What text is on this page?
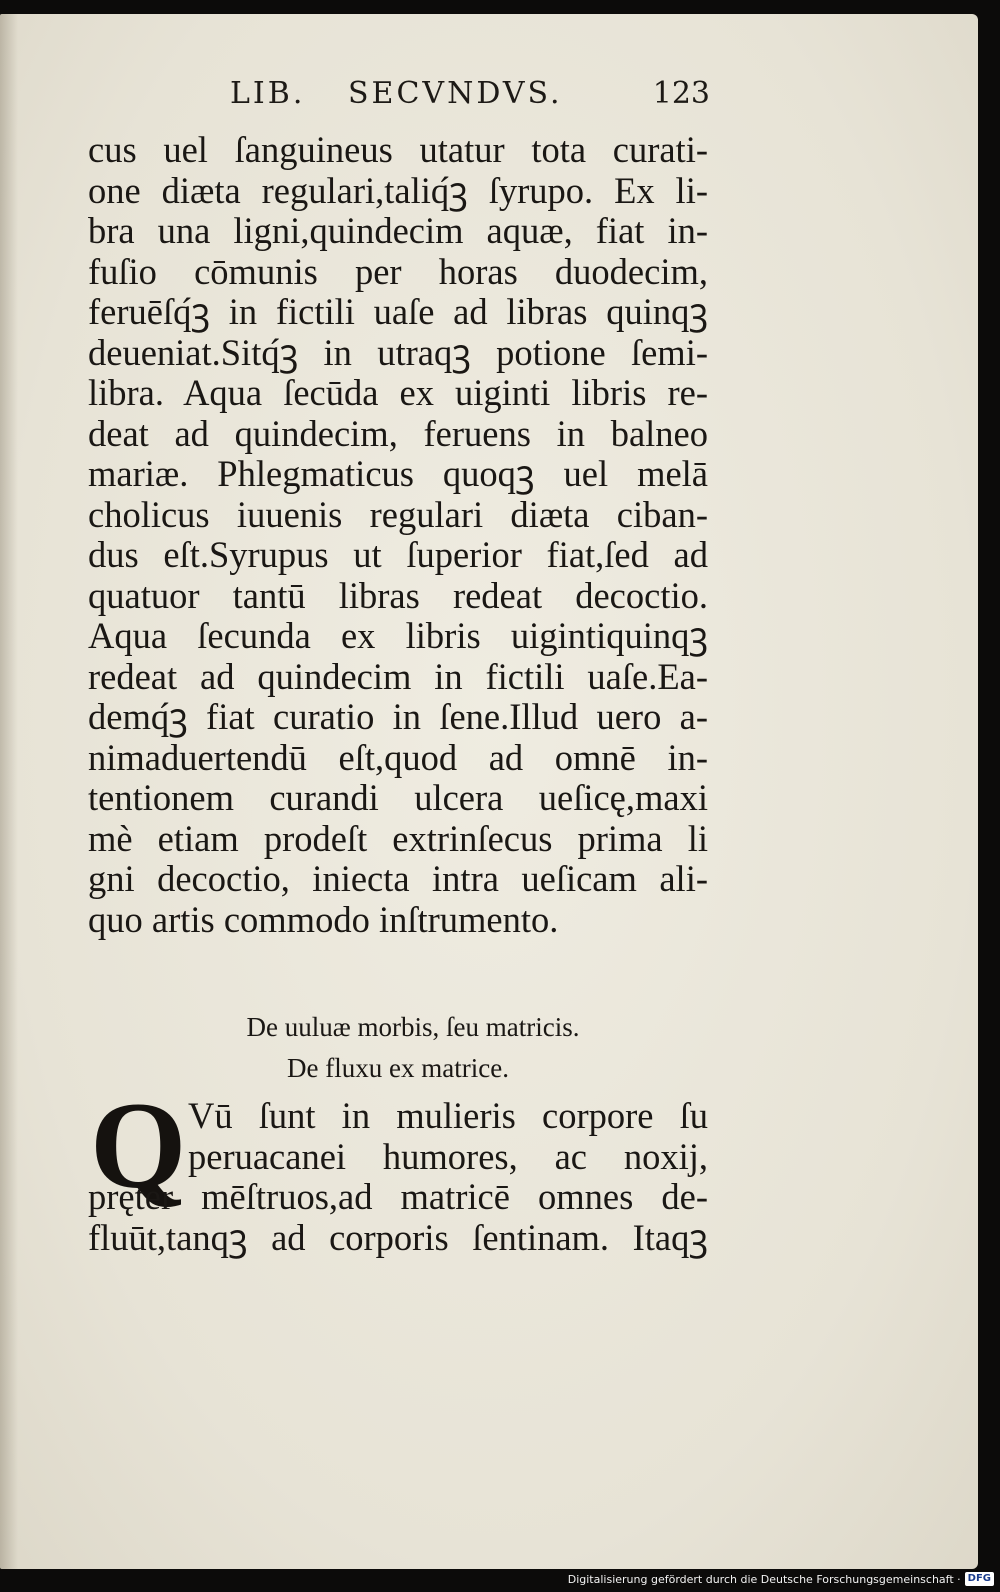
LIB. SECVNDVS.	123
cus uel ſanguineus utatur tota curati-
one diæta regulari,taliq́ꝫ ſyrupo. Ex li-
bra una ligni,quindecim aquæ, fiat in-
fuſio cōmunis per horas duodecim,
feruēſq́ꝫ in fictili uaſe ad libras quinqꝫ
deueniat.Sitq́ꝫ in utraqꝫ potione ſemi-
libra. Aqua ſecūda ex uiginti libris re-
deat ad quindecim, feruens in balneo
mariæ. Phlegmaticus quoqꝫ uel melā
cholicus iuuenis regulari diæta ciban-
dus eſt.Syrupus ut ſuperior fiat,ſed ad
quatuor tantū libras redeat decoctio.
Aqua ſecunda ex libris uigintiquinqꝫ
redeat ad quindecim in fictili uaſe.Ea-
demq́ꝫ fiat curatio in ſene.Illud uero a-
nimaduertendū eſt,quod ad omnē in-
tentionem curandi ulcera ueſicę,maxi
mè etiam prodeſt extrinſecus prima li
gni decoctio, iniecta intra ueſicam ali-
quo artis commodo inſtrumento.
De uuluæ morbis, ſeu matricis.
De fluxu ex matrice.
Q Vū ſunt in mulieris corpore ſu
peruacanei humores, ac noxij,
pręter mēſtruos,ad matricē omnes de-
fluūt,tanqꝫ ad corporis ſentinam. Itaqꝫ
Digitalisierung gefördert durch die Deutsche Forschungsgemeinschaft · DFG
